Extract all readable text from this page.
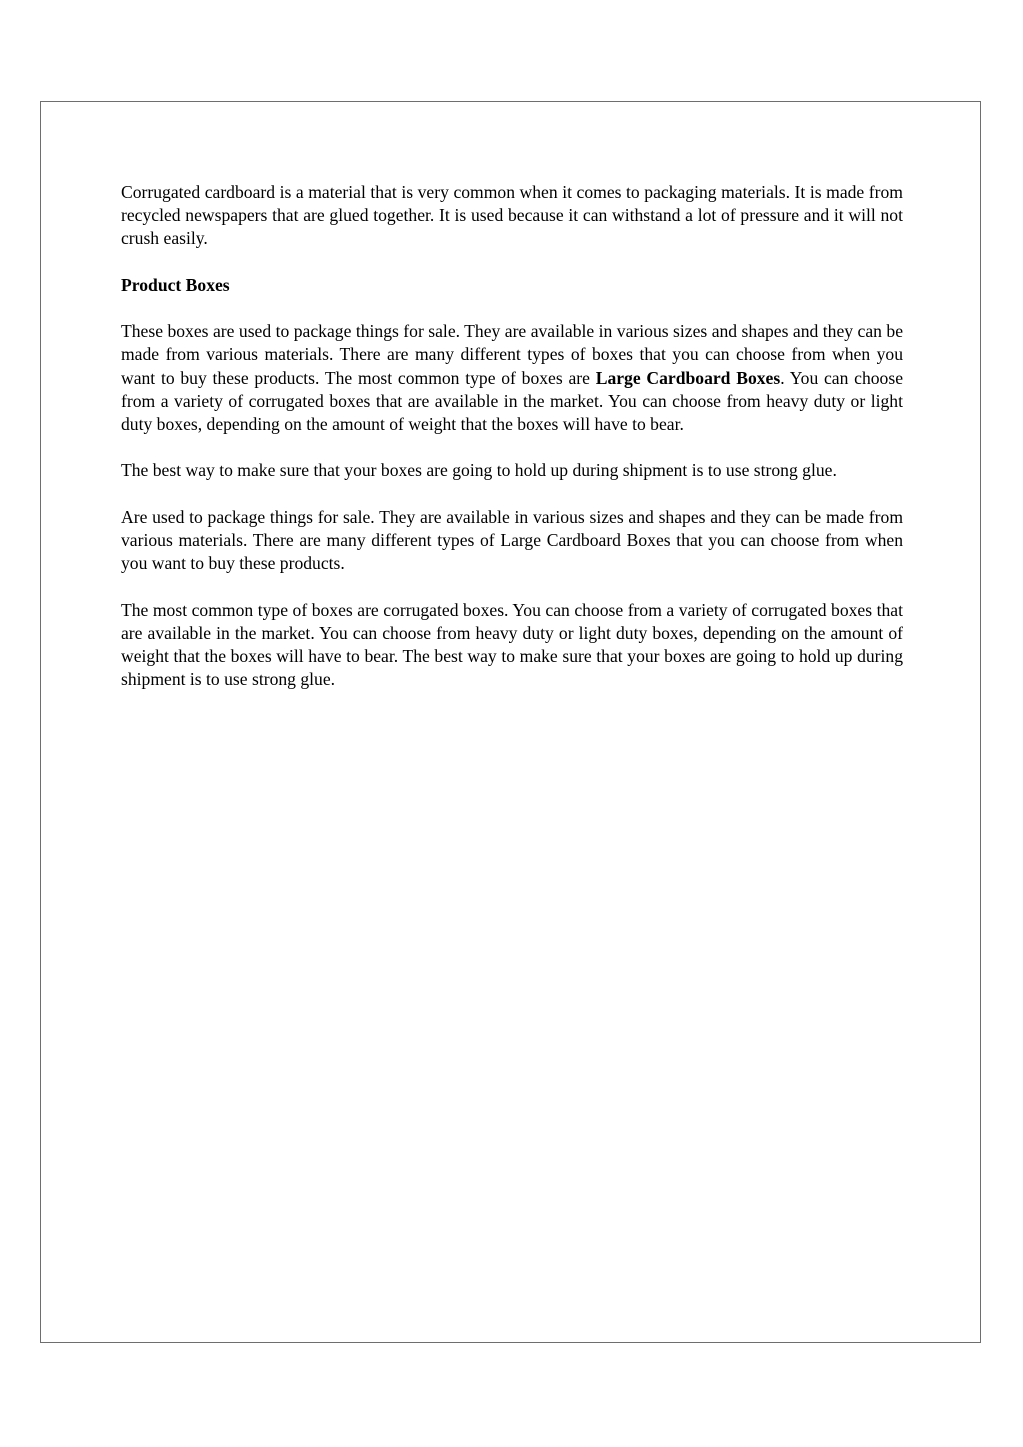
Corrugated cardboard is a material that is very common when it comes to packaging materials. It is made from recycled newspapers that are glued together. It is used because it can withstand a lot of pressure and it will not crush easily.

Product Boxes

These boxes are used to package things for sale. They are available in various sizes and shapes and they can be made from various materials. There are many different types of boxes that you can choose from when you want to buy these products. The most common type of boxes are Large Cardboard Boxes. You can choose from a variety of corrugated boxes that are available in the market. You can choose from heavy duty or light duty boxes, depending on the amount of weight that the boxes will have to bear.

The best way to make sure that your boxes are going to hold up during shipment is to use strong glue.

Are used to package things for sale. They are available in various sizes and shapes and they can be made from various materials. There are many different types of Large Cardboard Boxes that you can choose from when you want to buy these products.

The most common type of boxes are corrugated boxes. You can choose from a variety of corrugated boxes that are available in the market. You can choose from heavy duty or light duty boxes, depending on the amount of weight that the boxes will have to bear. The best way to make sure that your boxes are going to hold up during shipment is to use strong glue.
